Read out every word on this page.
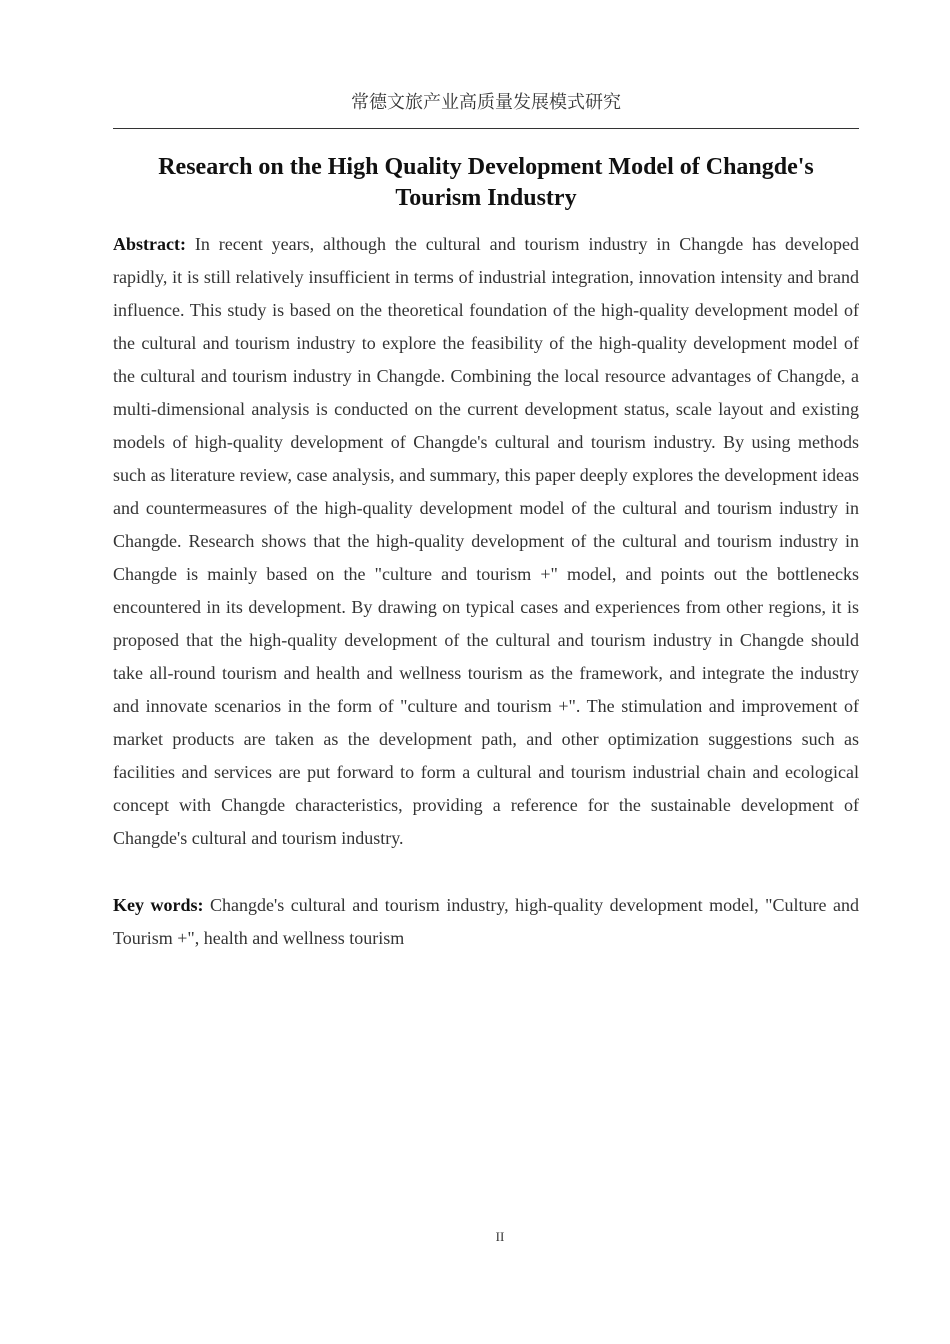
常德文旅产业高质量发展模式研究
Research on the High Quality Development Model of Changde's Tourism Industry

Abstract: In recent years, although the cultural and tourism industry in Changde has developed rapidly, it is still relatively insufficient in terms of industrial integration, innovation intensity and brand influence. This study is based on the theoretical foundation of the high-quality development model of the cultural and tourism industry to explore the feasibility of the high-quality development model of the cultural and tourism industry in Changde. Combining the local resource advantages of Changde, a multi-dimensional analysis is conducted on the current development status, scale layout and existing models of high-quality development of Changde's cultural and tourism industry. By using methods such as literature review, case analysis, and summary, this paper deeply explores the development ideas and countermeasures of the high-quality development model of the cultural and tourism industry in Changde. Research shows that the high-quality development of the cultural and tourism industry in Changde is mainly based on the "culture and tourism +" model, and points out the bottlenecks encountered in its development. By drawing on typical cases and experiences from other regions, it is proposed that the high-quality development of the cultural and tourism industry in Changde should take all-round tourism and health and wellness tourism as the framework, and integrate the industry and innovate scenarios in the form of "culture and tourism +". The stimulation and improvement of market products are taken as the development path, and other optimization suggestions such as facilities and services are put forward to form a cultural and tourism industrial chain and ecological concept with Changde characteristics, providing a reference for the sustainable development of Changde's cultural and tourism industry.

Key words: Changde's cultural and tourism industry, high-quality development model, "Culture and Tourism +", health and wellness tourism

II
